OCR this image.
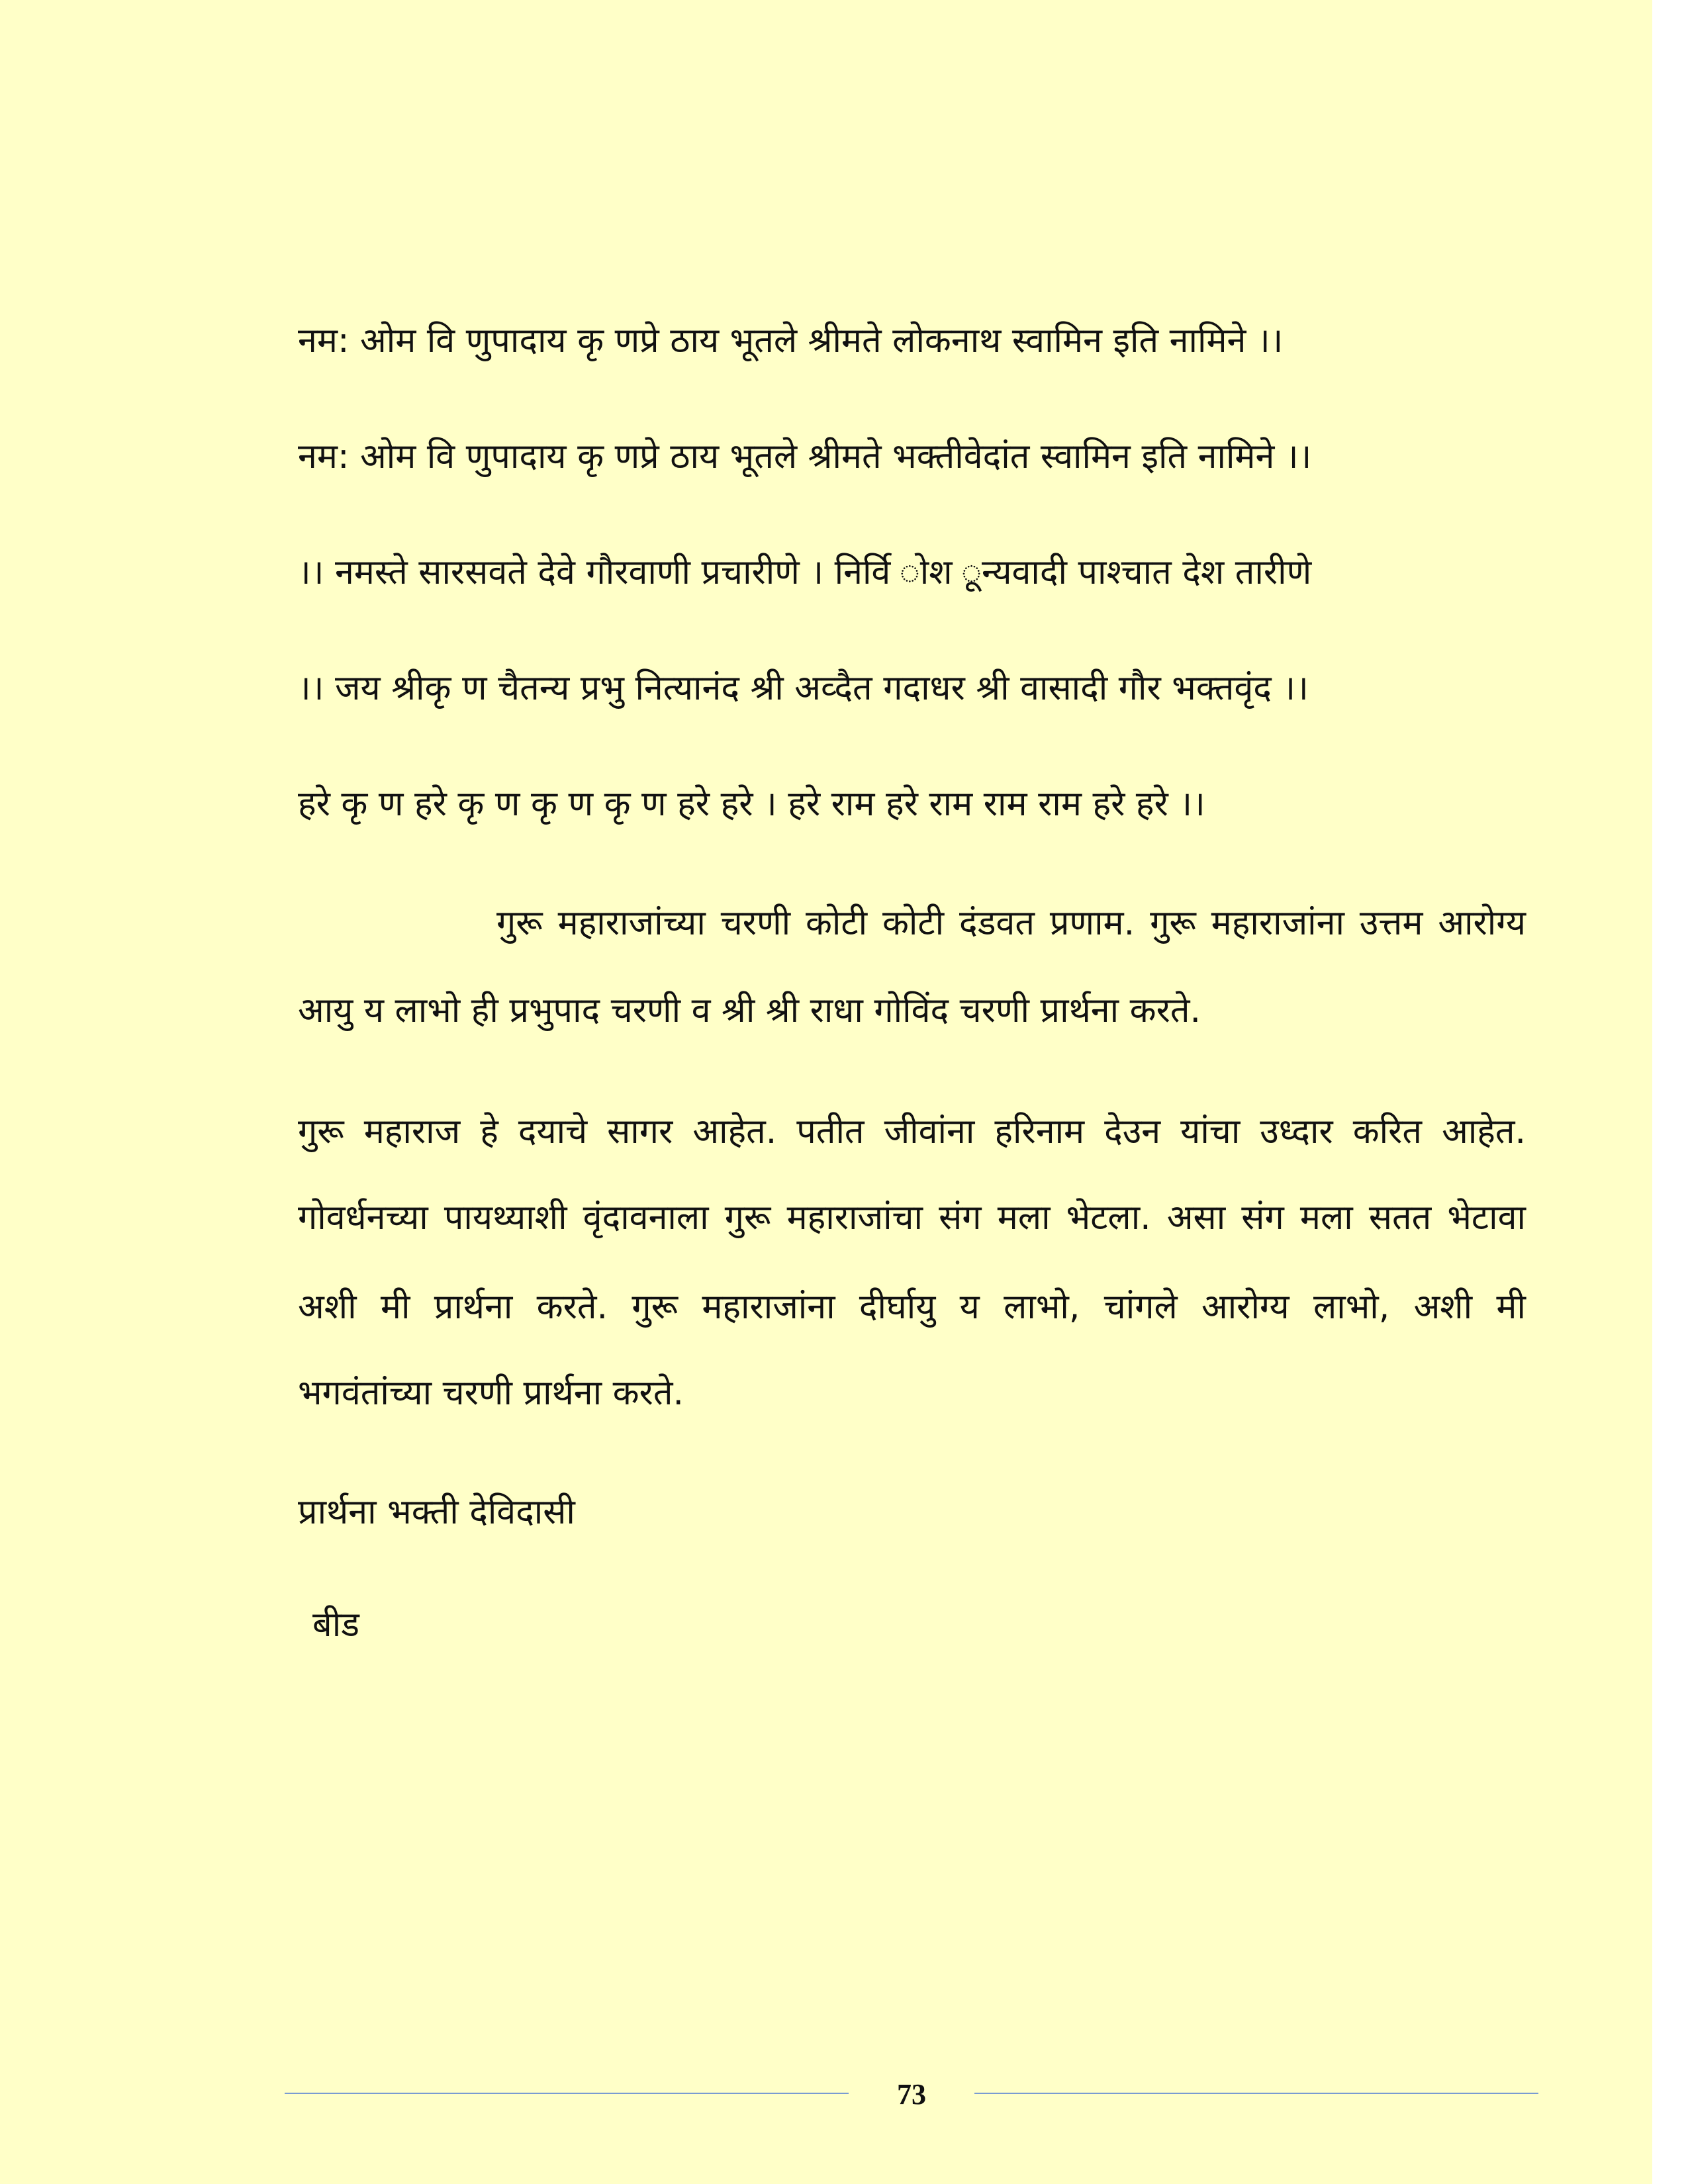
नम: ओम वि णुपादाय कृ णप्रे ठाय भूतले श्रीमते लोकनाथ स्वामिन इति नामिने ।।
नम: ओम वि णुपादाय कृ णप्रे ठाय भूतले श्रीमते भक्तीवेदांत स्वामिन इति नामिने ।।
।। नमस्ते सारसवते देवे गौरवाणी प्रचारीणे । निर्वि ोश ून्यवादी पाश्चात देश तारीणे
।। जय श्रीकृ ण चैतन्य प्रभु नित्यानंद श्री अव्दैत गदाधर श्री वासादी गौर भक्तवृंद ।।
हरे कृ ण हरे कृ ण कृ ण कृ ण हरे हरे । हरे राम हरे राम राम राम हरे हरे ।।
गुरू महाराजांच्या चरणी कोटी कोटी दंडवत प्रणाम. गुरू महाराजांना उत्तम आरोग्य
आयु य लाभो ही प्रभुपाद चरणी व श्री श्री राधा गोविंद चरणी प्रार्थना करते.
गुरू महाराज हे दयाचे सागर आहेत. पतीत जीवांना हरिनाम देउन यांचा उध्दार करित आहेत.
गोवर्धनच्या पायथ्याशी वृंदावनाला गुरू महाराजांचा संग मला भेटला. असा संग मला सतत भेटावा
अशी मी प्रार्थना करते. गुरू महाराजांना दीर्घायु य लाभो, चांगले आरोग्य लाभो, अशी मी
भगवंतांच्या चरणी प्रार्थना करते.
प्रार्थना भक्ती देविदासी
बीड
73
